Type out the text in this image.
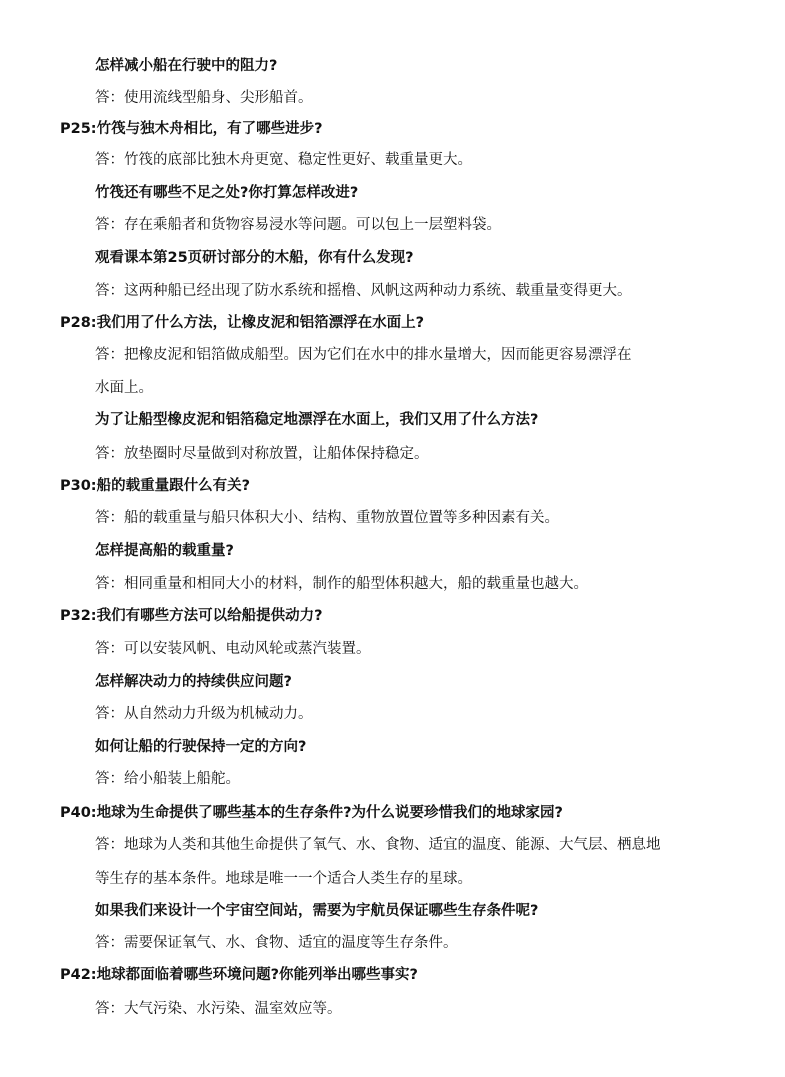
怎样减小船在行驶中的阻力?
答：使用流线型船身、尖形船首。
P25:竹筏与独木舟相比，有了哪些进步?
答：竹筏的底部比独木舟更宽、稳定性更好、载重量更大。
竹筏还有哪些不足之处?你打算怎样改进?
答：存在乘船者和货物容易浸水等问题。可以包上一层塑料袋。
观看课本第25页研讨部分的木船，你有什么发现?
答：这两种船已经出现了防水系统和摇橹、风帆这两种动力系统、载重量变得更大。
P28:我们用了什么方法，让橡皮泥和铝箔漂浮在水面上?
答：把橡皮泥和铝箔做成船型。因为它们在水中的排水量增大，因而能更容易漂浮在
水面上。
为了让船型橡皮泥和铝箔稳定地漂浮在水面上，我们又用了什么方法?
答：放垫圈时尽量做到对称放置，让船体保持稳定。
P30:船的载重量跟什么有关?
答：船的载重量与船只体积大小、结构、重物放置位置等多种因素有关。
怎样提高船的载重量?
答：相同重量和相同大小的材料，制作的船型体积越大，船的载重量也越大。
P32:我们有哪些方法可以给船提供动力?
答：可以安装风帆、电动风轮或蒸汽装置。
怎样解决动力的持续供应问题?
答：从自然动力升级为机械动力。
如何让船的行驶保持一定的方向?
答：给小船装上船舵。
P40:地球为生命提供了哪些基本的生存条件?为什么说要珍惜我们的地球家园?
答：地球为人类和其他生命提供了氧气、水、食物、适宜的温度、能源、大气层、栖息地
等生存的基本条件。地球是唯一一个适合人类生存的星球。
如果我们来设计一个宇宙空间站，需要为宇航员保证哪些生存条件呢?
答：需要保证氧气、水、食物、适宜的温度等生存条件。
P42:地球都面临着哪些环境问题?你能列举出哪些事实?
答：大气污染、水污染、温室效应等。
